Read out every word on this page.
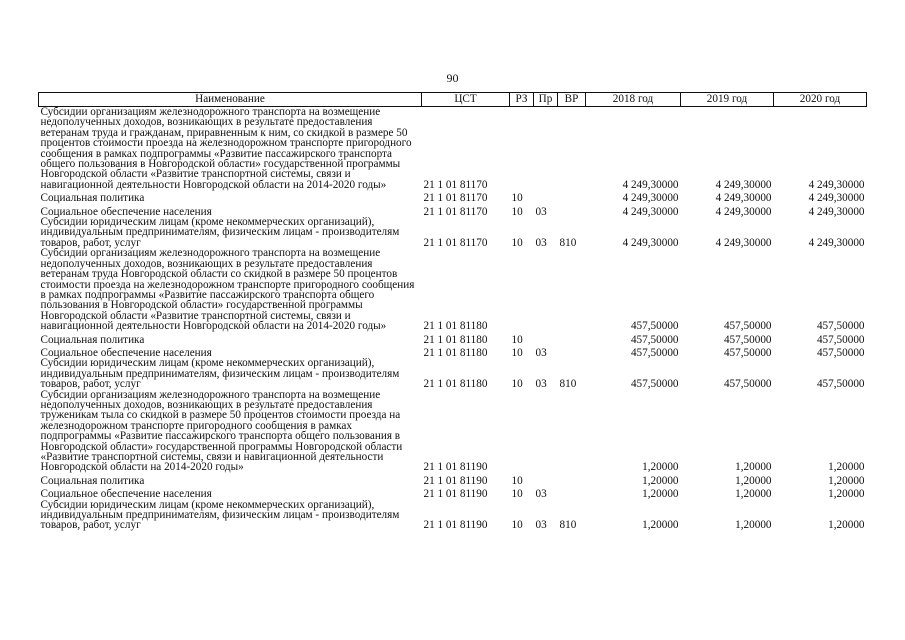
90
Наименование	ЦСТ	РЗ	Пр	ВР	2018 год	2019 год	2020 год
Субсидии организациям железнодорожного транспорта на возмещение недополученных доходов, возникающих в результате предоставления ветеранам труда и гражданам, приравненным к ним, со скидкой в размере 50 процентов стоимости проезда на железнодорожном транспорте пригородного сообщения в рамках подпрограммы «Развитие пассажирского транспорта общего пользования в Новгородской области» государственной программы Новгородской области «Развитие транспортной системы, связи и навигационной деятельности Новгородской области на 2014-2020 годы»	21 1 01 81170				4 249,30000	4 249,30000	4 249,30000
Социальная политика	21 1 01 81170	10			4 249,30000	4 249,30000	4 249,30000
Социальное обеспечение населения	21 1 01 81170	10	03		4 249,30000	4 249,30000	4 249,30000
Субсидии юридическим лицам (кроме некоммерческих организаций), индивидуальным предпринимателям, физическим лицам - производителям товаров, работ, услуг	21 1 01 81170	10	03	810	4 249,30000	4 249,30000	4 249,30000
Субсидии организациям железнодорожного транспорта на возмещение недополученных доходов, возникающих в результате предоставления ветеранам труда Новгородской области со скидкой в размере 50 процентов стоимости проезда на железнодорожном транспорте пригородного сообщения в рамках подпрограммы «Развитие пассажирского транспорта общего пользования в Новгородской области» государственной программы Новгородской области «Развитие транспортной системы, связи и навигационной деятельности Новгородской области на 2014-2020 годы»	21 1 01 81180				457,50000	457,50000	457,50000
Социальная политика	21 1 01 81180	10			457,50000	457,50000	457,50000
Социальное обеспечение населения	21 1 01 81180	10	03		457,50000	457,50000	457,50000
Субсидии юридическим лицам (кроме некоммерческих организаций), индивидуальным предпринимателям, физическим лицам - производителям товаров, работ, услуг	21 1 01 81180	10	03	810	457,50000	457,50000	457,50000
Субсидии организациям железнодорожного транспорта на возмещение недополученных доходов, возникающих в результате предоставления труженикам тыла со скидкой в размере 50 процентов стоимости проезда на железнодорожном транспорте пригородного сообщения в рамках подпрограммы «Развитие пассажирского транспорта общего пользования в Новгородской области» государственной программы Новгородской области «Развитие транспортной системы, связи и навигационной деятельности Новгородской области на 2014-2020 годы»	21 1 01 81190				1,20000	1,20000	1,20000
Социальная политика	21 1 01 81190	10			1,20000	1,20000	1,20000
Социальное обеспечение населения	21 1 01 81190	10	03		1,20000	1,20000	1,20000
Субсидии юридическим лицам (кроме некоммерческих организаций), индивидуальным предпринимателям, физическим лицам - производителям товаров, работ, услуг	21 1 01 81190	10	03	810	1,20000	1,20000	1,20000
